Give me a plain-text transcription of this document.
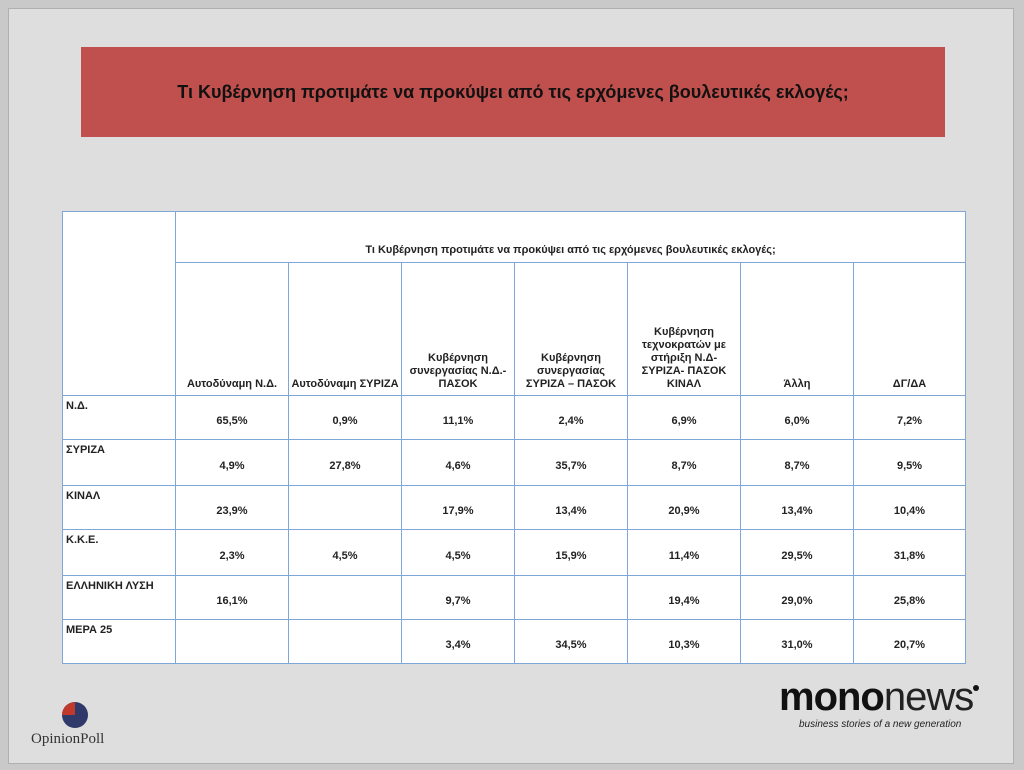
Τι Κυβέρνηση προτιμάτε να προκύψει από τις ερχόμενες βουλευτικές εκλογές;
	Τι Κυβέρνηση προτιμάτε να προκύψει από τις ερχόμενες βουλευτικές εκλογές;						
	Αυτοδύναμη Ν.Δ.	Αυτοδύναμη ΣΥΡΙΖΑ	Κυβέρνηση συνεργασίας Ν.Δ.- ΠΑΣΟΚ	Κυβέρνηση συνεργασίας ΣΥΡΙΖΑ – ΠΑΣΟΚ	Κυβέρνηση τεχνοκρατών με στήριξη Ν.Δ- ΣΥΡΙΖΑ- ΠΑΣΟΚ ΚΙΝΑΛ	Άλλη	ΔΓ/ΔΑ
Ν.Δ.	65,5%	0,9%	11,1%	2,4%	6,9%	6,0%	7,2%
ΣΥΡΙΖΑ	4,9%	27,8%	4,6%	35,7%	8,7%	8,7%	9,5%
ΚΙΝΑΛ	23,9%		17,9%	13,4%	20,9%	13,4%	10,4%
Κ.Κ.Ε.	2,3%	4,5%	4,5%	15,9%	11,4%	29,5%	31,8%
ΕΛΛΗΝΙΚΗ ΛΥΣΗ	16,1%		9,7%		19,4%	29,0%	25,8%
ΜΕΡΑ 25			3,4%	34,5%	10,3%	31,0%	20,7%
OpinionPoll
mononews
business stories of a new generation
